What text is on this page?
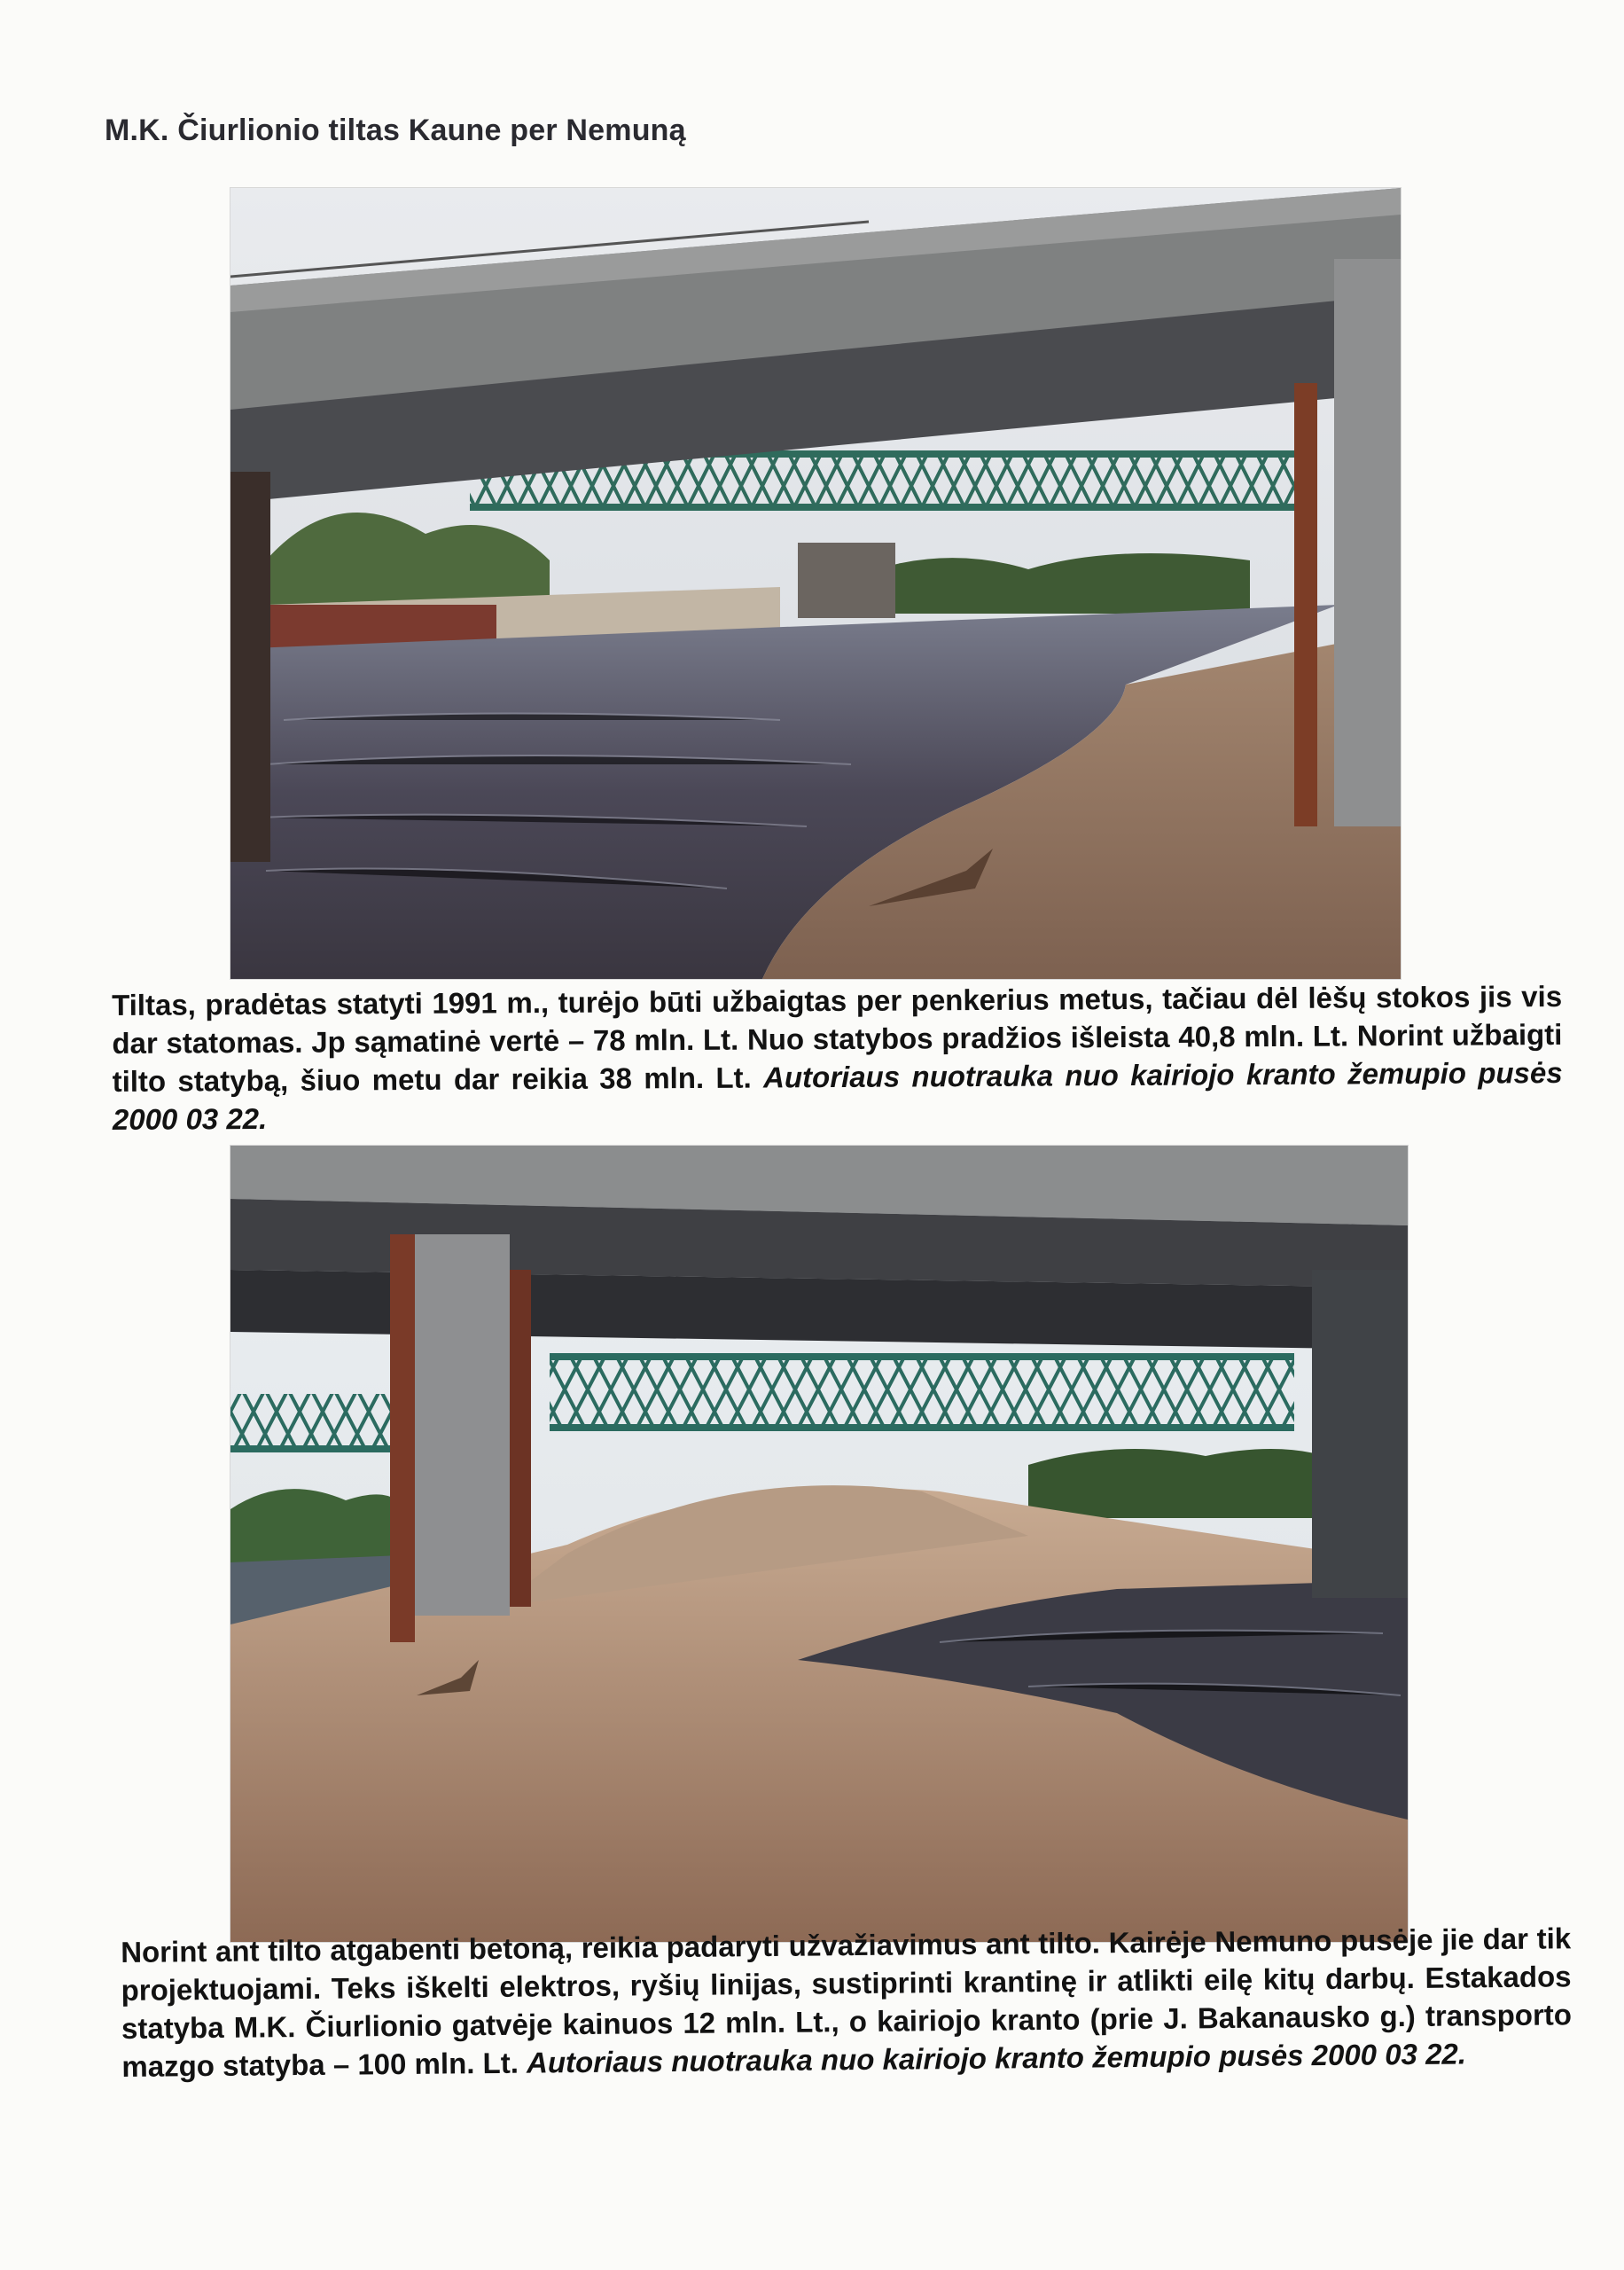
M.K. Čiurlionio tiltas Kaune per Nemuną
Tiltas, pradėtas statyti 1991 m., turėjo būti užbaigtas per penkerius metus, tačiau dėl lėšų stokos jis vis dar statomas. Jp sąmatinė vertė – 78 mln. Lt. Nuo statybos pradžios išleista 40,8 mln. Lt. Norint užbaigti tilto statybą, šiuo metu dar reikia 38 mln. Lt. Autoriaus nuotrauka nuo kairiojo kranto žemupio pusės 2000 03 22.
Norint ant tilto atgabenti betoną, reikia padaryti užvažiavimus ant tilto. Kairėje Nemuno pusėje jie dar tik projektuojami. Teks iškelti elektros, ryšių linijas, sustiprinti krantinę ir atlikti eilę kitų darbų. Estakados statyba M.K. Čiurlionio gatvėje kainuos 12 mln. Lt., o kairiojo kranto (prie J. Bakanausko g.) transporto mazgo statyba – 100 mln. Lt. Autoriaus nuotrauka nuo kairiojo kranto žemupio pusės 2000 03 22.
